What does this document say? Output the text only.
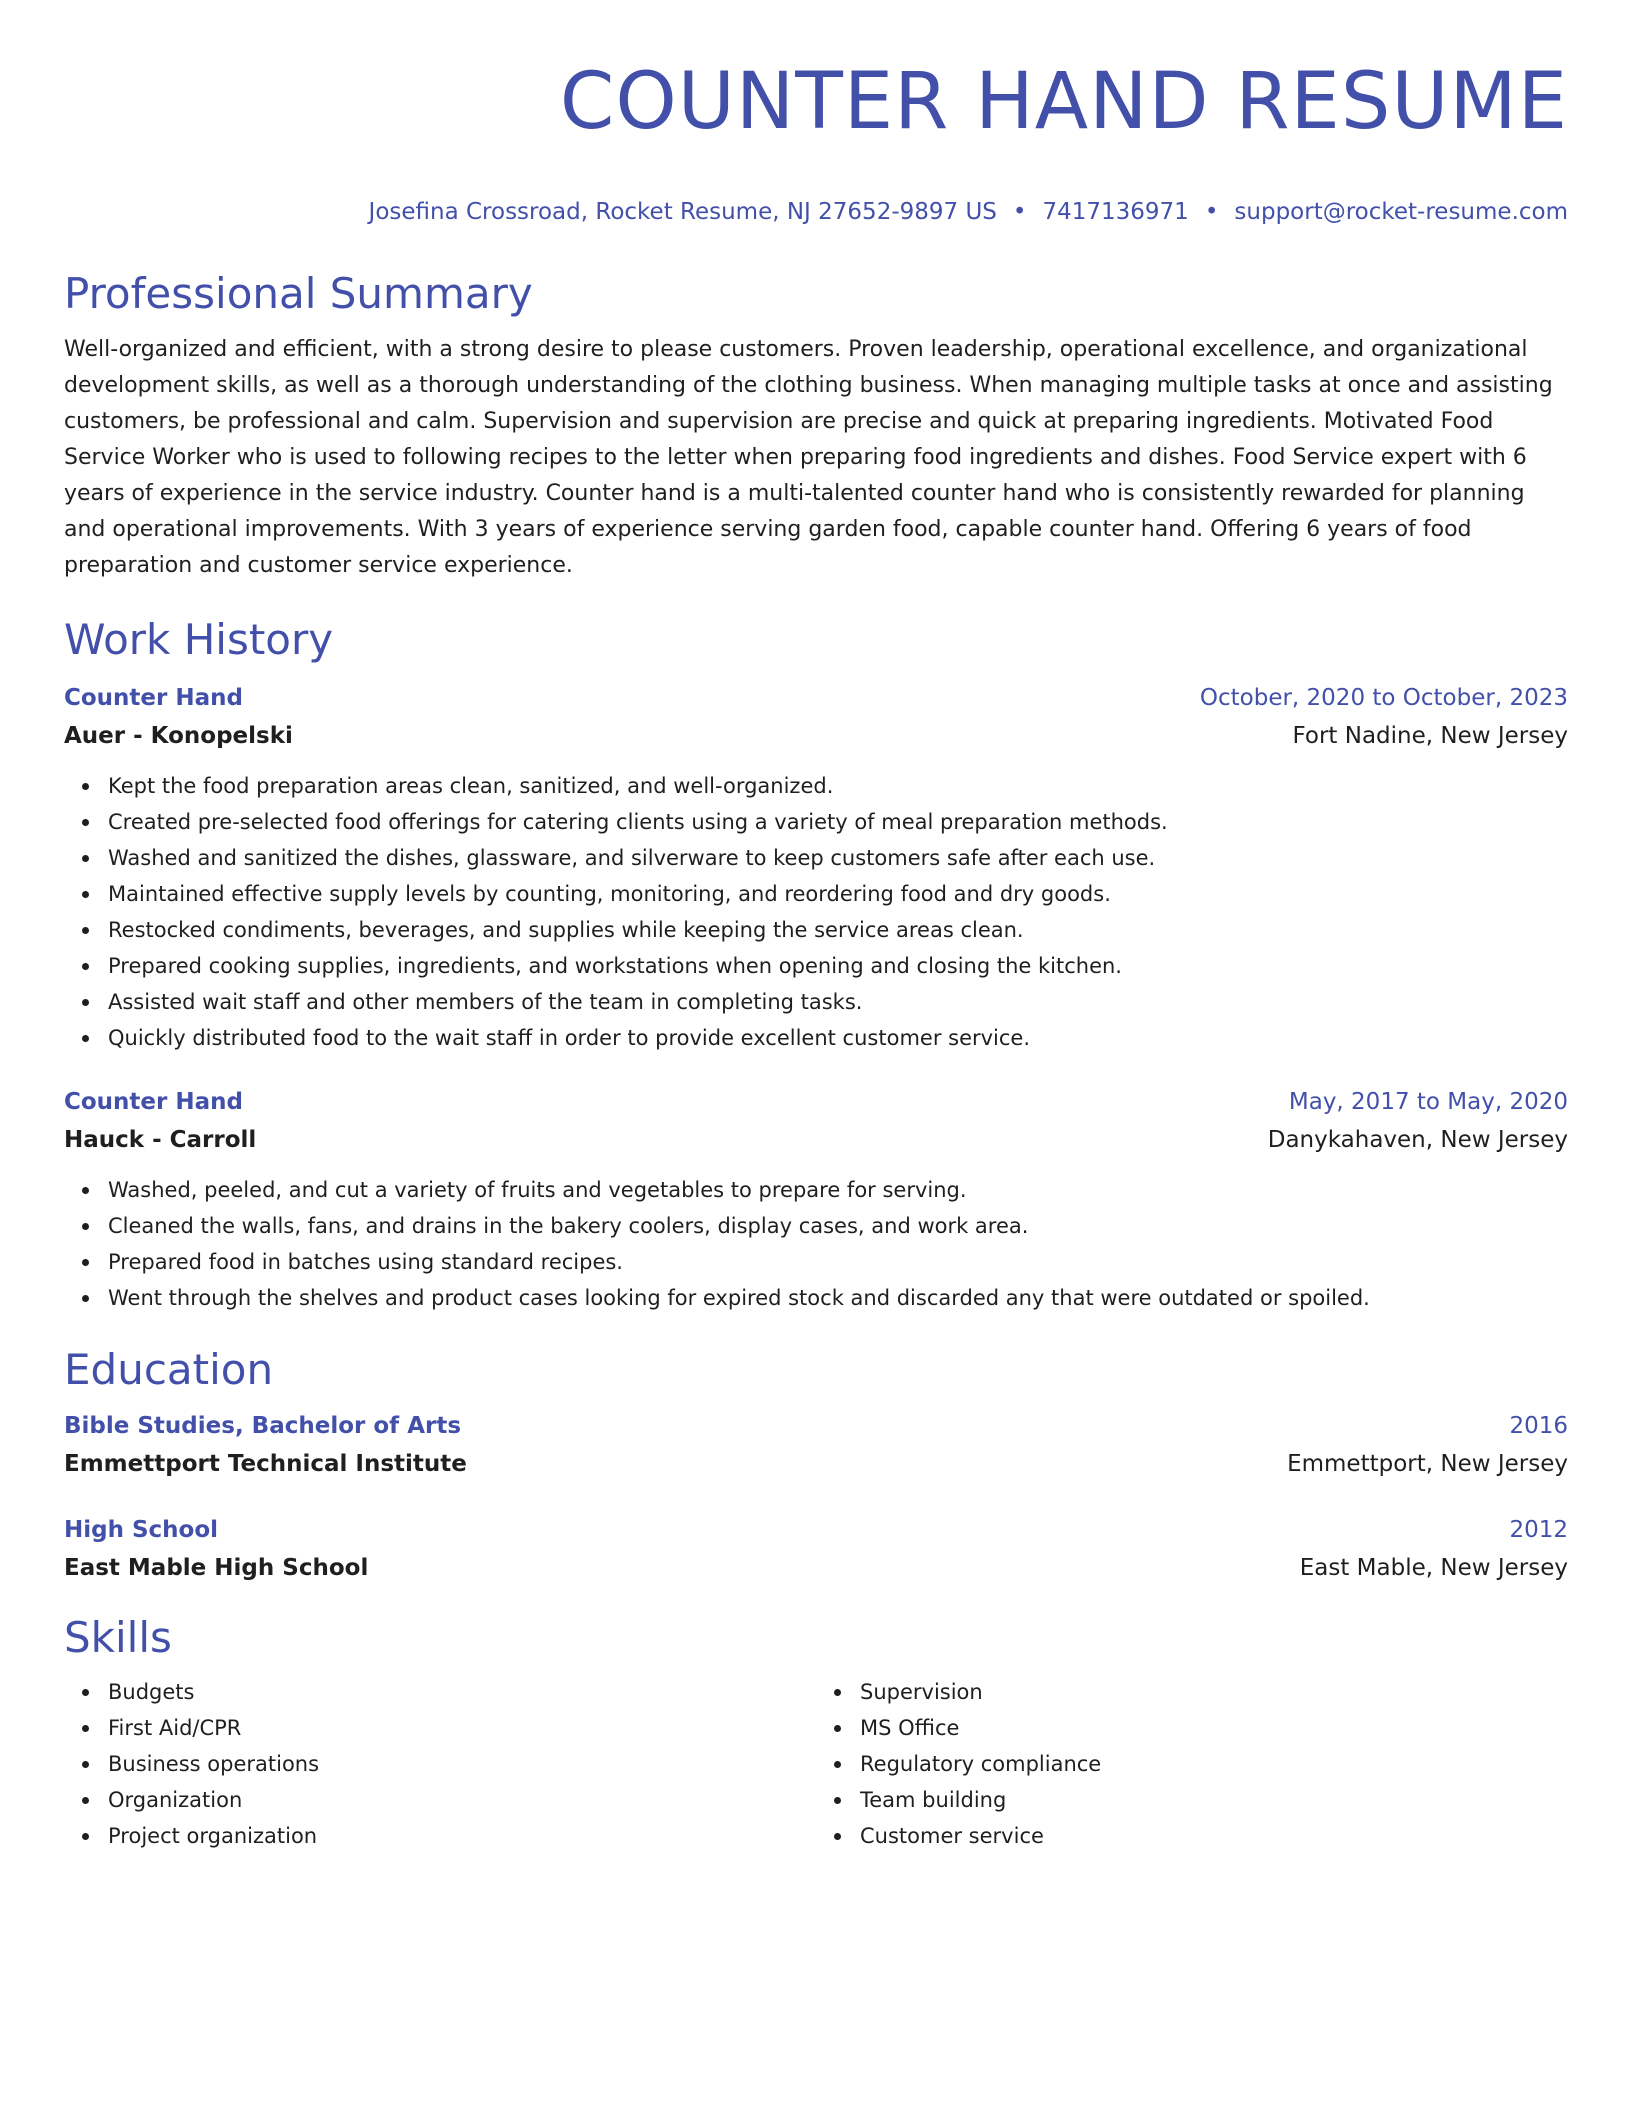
COUNTER HAND RESUME
Josefina Crossroad, Rocket Resume, NJ 27652-9897 US • 7417136971 • support@rocket-resume.com
Professional Summary
Well-organized and efficient, with a strong desire to please customers. Proven leadership, operational excellence, and organizational development skills, as well as a thorough understanding of the clothing business. When managing multiple tasks at once and assisting customers, be professional and calm. Supervision and supervision are precise and quick at preparing ingredients. Motivated Food Service Worker who is used to following recipes to the letter when preparing food ingredients and dishes. Food Service expert with 6 years of experience in the service industry. Counter hand is a multi-talented counter hand who is consistently rewarded for planning and operational improvements. With 3 years of experience serving garden food, capable counter hand. Offering 6 years of food preparation and customer service experience.
Work History
Counter Hand	October, 2020 to October, 2023
Auer - Konopelski	Fort Nadine, New Jersey
Kept the food preparation areas clean, sanitized, and well-organized.
Created pre-selected food offerings for catering clients using a variety of meal preparation methods.
Washed and sanitized the dishes, glassware, and silverware to keep customers safe after each use.
Maintained effective supply levels by counting, monitoring, and reordering food and dry goods.
Restocked condiments, beverages, and supplies while keeping the service areas clean.
Prepared cooking supplies, ingredients, and workstations when opening and closing the kitchen.
Assisted wait staff and other members of the team in completing tasks.
Quickly distributed food to the wait staff in order to provide excellent customer service.
Counter Hand	May, 2017 to May, 2020
Hauck - Carroll	Danykahaven, New Jersey
Washed, peeled, and cut a variety of fruits and vegetables to prepare for serving.
Cleaned the walls, fans, and drains in the bakery coolers, display cases, and work area.
Prepared food in batches using standard recipes.
Went through the shelves and product cases looking for expired stock and discarded any that were outdated or spoiled.
Education
Bible Studies, Bachelor of Arts	2016
Emmettport Technical Institute	Emmettport, New Jersey
High School	2012
East Mable High School	East Mable, New Jersey
Skills
Budgets
First Aid/CPR
Business operations
Organization
Project organization
Supervision
MS Office
Regulatory compliance
Team building
Customer service
